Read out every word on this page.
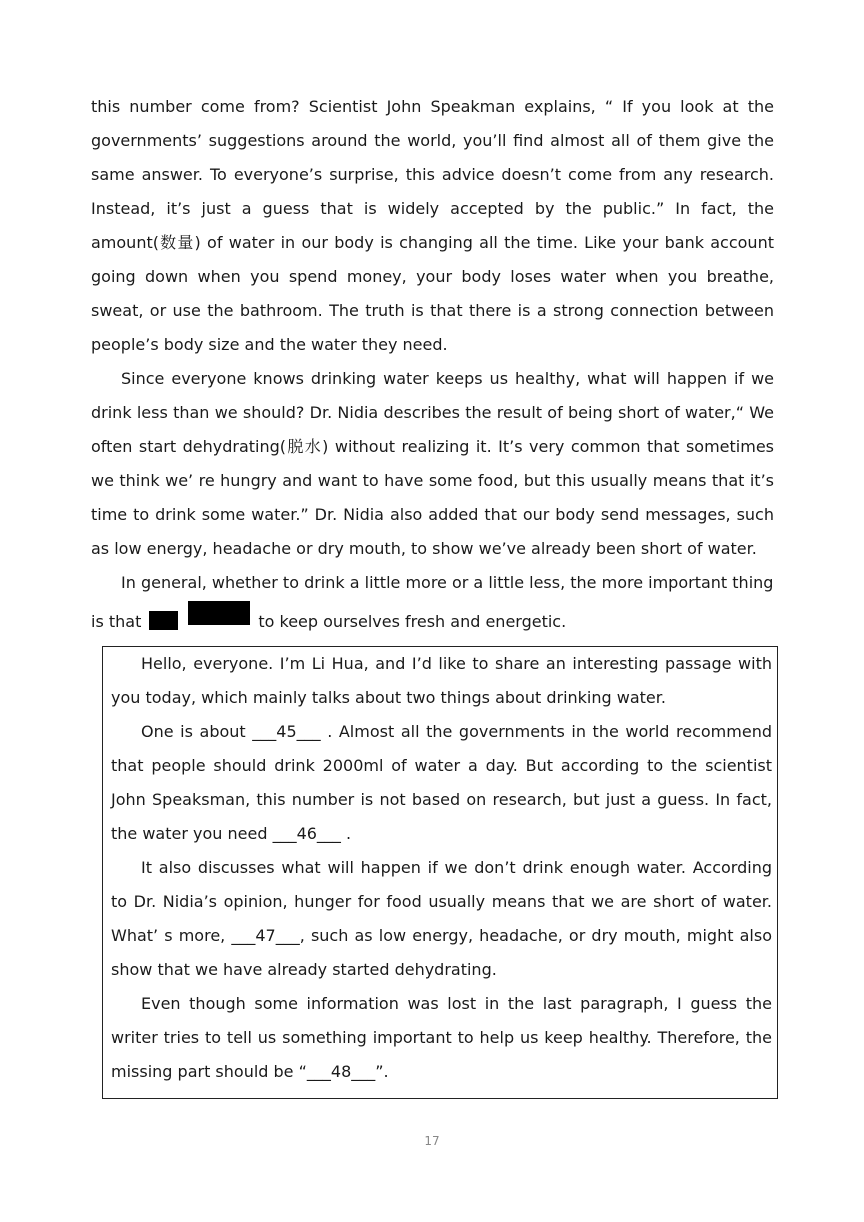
this number come from? Scientist John Speakman explains, “ If you look at the governments’ suggestions around the world, you’ll find almost all of them give the same answer. To everyone’s surprise, this advice doesn’t come from any research. Instead, it’s just a guess that is widely accepted by the public.” In fact, the amount(数量) of water in our body is changing all the time. Like your bank account going down when you spend money, your body loses water when you breathe, sweat, or use the bathroom. The truth is that there is a strong connection between people’s body size and the water they need.

Since everyone knows drinking water keeps us healthy, what will happen if we drink less than we should? Dr. Nidia describes the result of being short of water,“ We often start dehydrating(脱水) without realizing it. It’s very common that sometimes we think we’ re hungry and want to have some food, but this usually means that it’s time to drink some water.” Dr. Nidia also added that our body send messages, such as low energy, headache or dry mouth, to show we’ve already been short of water.

In general, whether to drink a little more or a little less, the more important thing

is that	to keep ourselves fresh and energetic.

Hello, everyone. I’m Li Hua, and I’d like to share an interesting passage with you today, which mainly talks about two things about drinking water.

One is about ___45___ . Almost all the governments in the world recommend that people should drink 2000ml of water a day. But according to the scientist John Speaksman, this number is not based on research, but just a guess. In fact, the water you need ___46___ .

It also discusses what will happen if we don’t drink enough water. According to Dr. Nidia’s opinion, hunger for food usually means that we are short of water. What’ s more, ___47___, such as low energy, headache, or dry mouth, might also show that we have already started dehydrating.

Even though some information was lost in the last paragraph, I guess the writer tries to tell us something important to help us keep healthy. Therefore, the missing part should be “___48___”.

17
